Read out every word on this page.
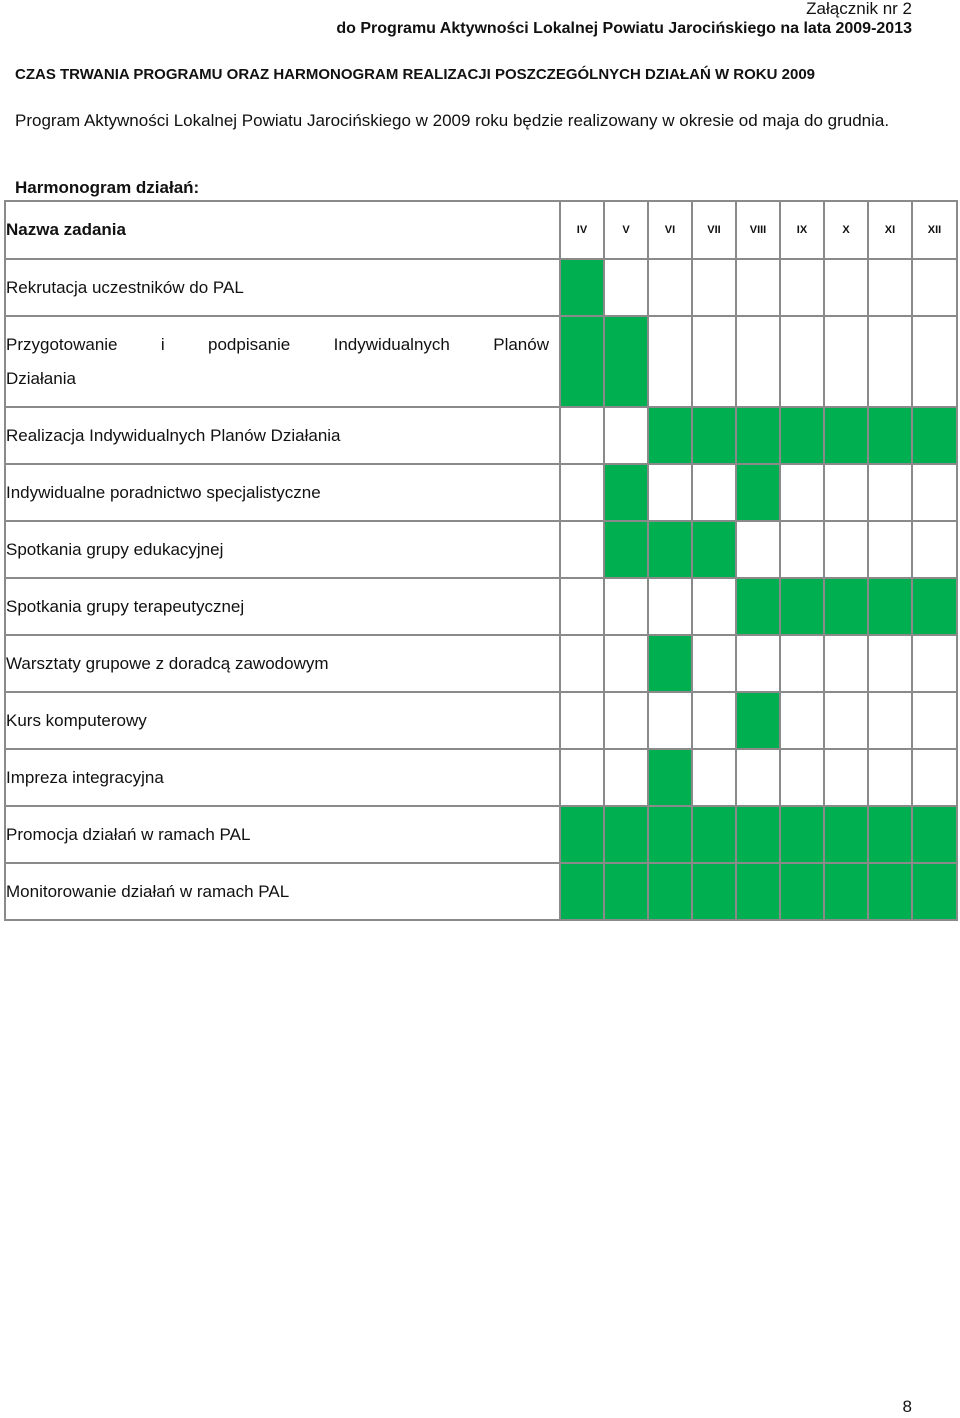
Załącznik nr 2
do Programu Aktywności Lokalnej Powiatu Jarocińskiego na lata 2009-2013
CZAS TRWANIA PROGRAMU ORAZ HARMONOGRAM REALIZACJI POSZCZEGÓLNYCH DZIAŁAŃ W ROKU 2009
Program Aktywności Lokalnej Powiatu Jarocińskiego w 2009 roku będzie realizowany w okresie od maja do grudnia.
Harmonogram działań:
Nazwa zadania	IV	V	VI	VII	VIII	IX	X	XI	XII
Rekrutacja uczestników do PAL									

Przygotowanie i podpisanie Indywidualnych Planów
Działania									

Realizacja Indywidualnych Planów Działania									
Indywidualne poradnictwo specjalistyczne									
Spotkania grupy edukacyjnej									
Spotkania grupy terapeutycznej									
Warsztaty grupowe z doradcą zawodowym									
Kurs komputerowy									
Impreza integracyjna									
Promocja działań w ramach PAL									
Monitorowanie działań w ramach PAL									
8
